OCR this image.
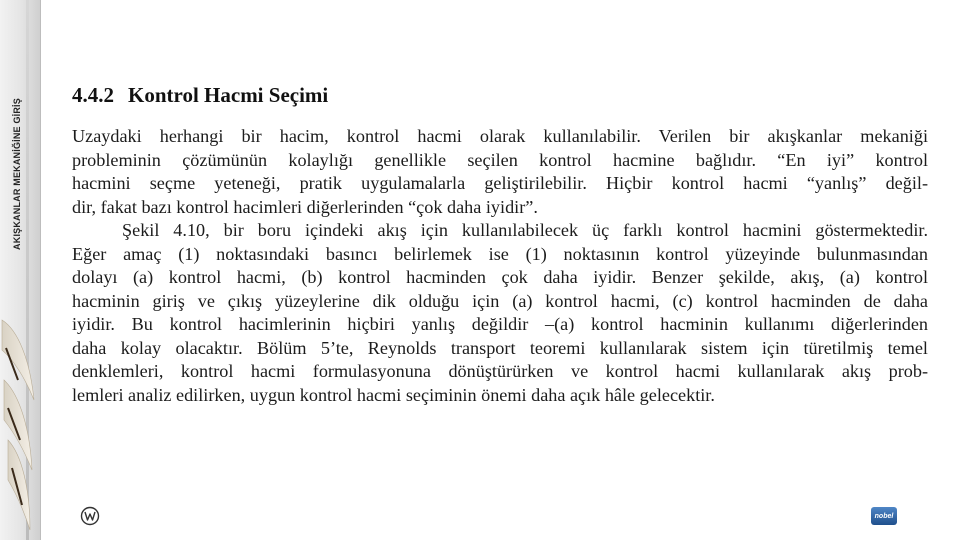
AKIŞKANLAR MEKANİĞİNE GİRİŞ
4.4.2 Kontrol Hacmi Seçimi
Uzaydaki herhangi bir hacim, kontrol hacmi olarak kullanılabilir. Verilen bir akışkanlar mekaniği
probleminin çözümünün kolaylığı genellikle seçilen kontrol hacmine bağlıdır. “En iyi” kontrol
hacmini seçme yeteneği, pratik uygulamalarla geliştirilebilir. Hiçbir kontrol hacmi “yanlış” değil-
dir, fakat bazı kontrol hacimleri diğerlerinden “çok daha iyidir”.
Şekil 4.10, bir boru içindeki akış için kullanılabilecek üç farklı kontrol hacmini göstermektedir.
Eğer amaç (1) noktasındaki basıncı belirlemek ise (1) noktasının kontrol yüzeyinde bulunmasından
dolayı (a) kontrol hacmi, (b) kontrol hacminden çok daha iyidir. Benzer şekilde, akış, (a) kontrol
hacminin giriş ve çıkış yüzeylerine dik olduğu için (a) kontrol hacmi, (c) kontrol hacminden de daha
iyidir. Bu kontrol hacimlerinin hiçbiri yanlış değildir –(a) kontrol hacminin kullanımı diğerlerinden
daha kolay olacaktır. Bölüm 5’te, Reynolds transport teoremi kullanılarak sistem için türetilmiş temel
denklemleri, kontrol hacmi formulasyonuna dönüştürürken ve kontrol hacmi kullanılarak akış prob-
lemleri analiz edilirken, uygun kontrol hacmi seçiminin önemi daha açık hâle gelecektir.
nobel
